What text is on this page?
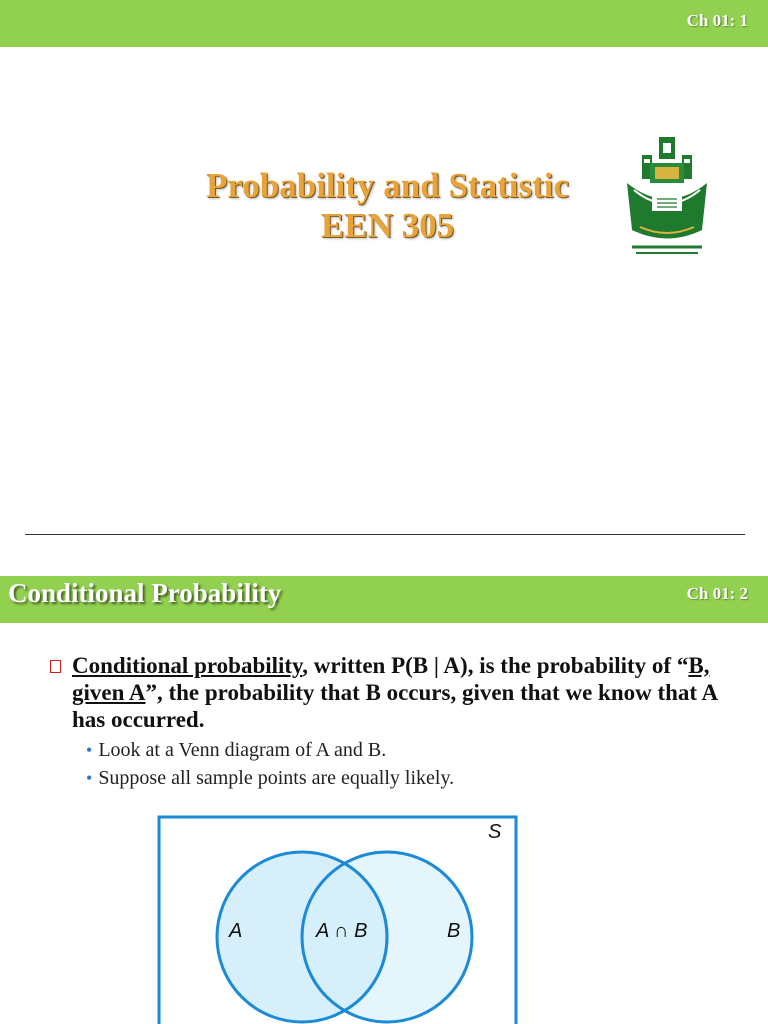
Ch 01: 1
Probability and Statistic
EEN 305
Conditional Probability	Ch 01: 2
Conditional probability, written P(B | A), is the probability of “B, given A”, the probability that B occurs, given that we know that A has occurred.
• Look at a Venn diagram of A and B.
• Suppose all sample points are equally likely.
S
A	A ∩ B	B
